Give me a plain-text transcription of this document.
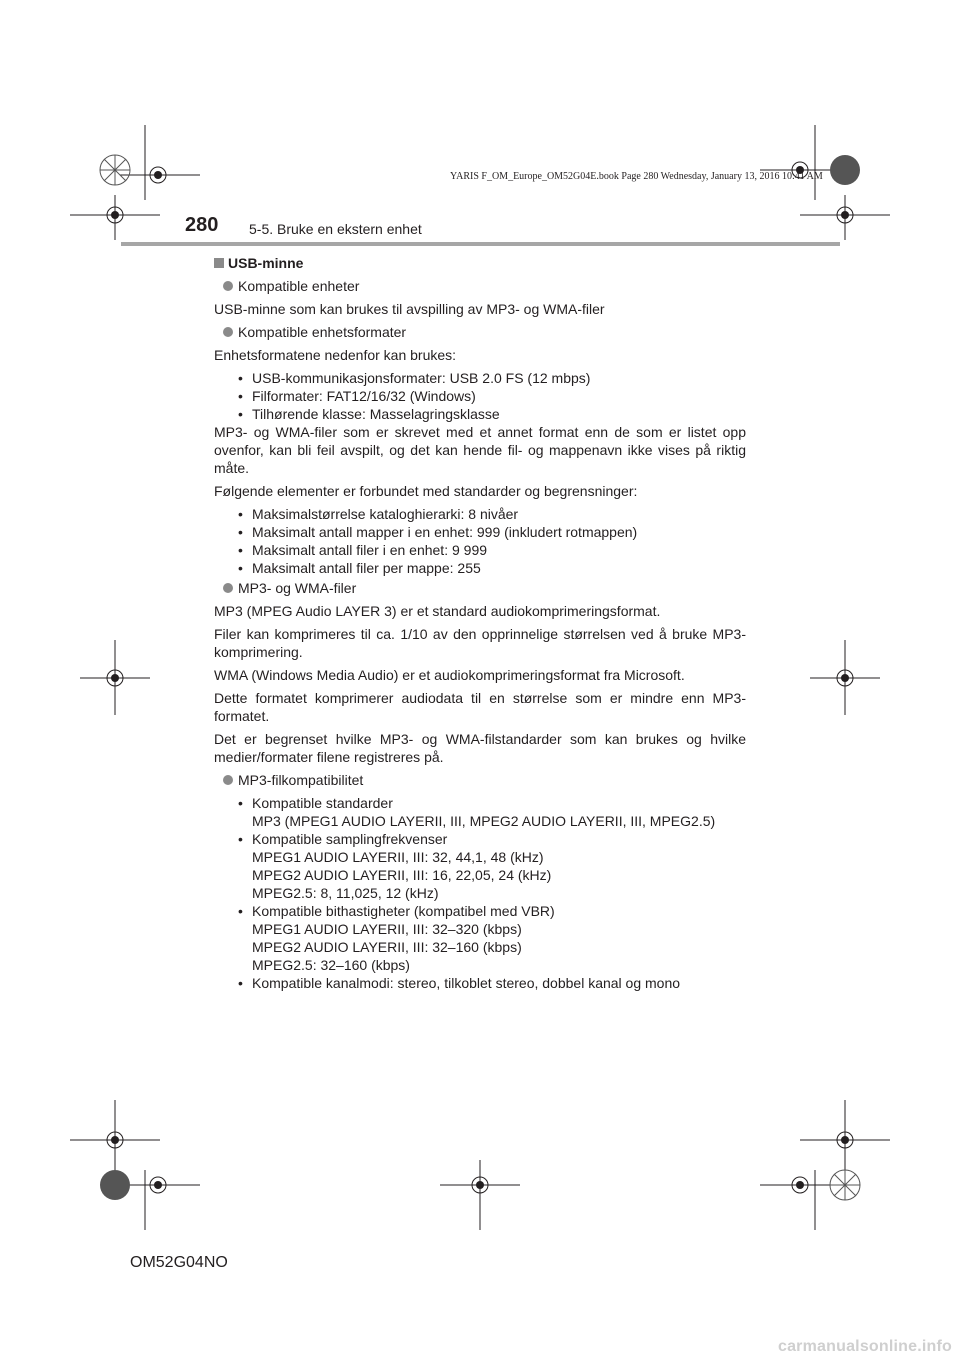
YARIS F_OM_Europe_OM52G04E.book Page 280 Wednesday, January 13, 2016 10:41 AM
280 5-5. Bruke en ekstern enhet
USB-minne
Kompatible enheter

USB-minne som kan brukes til avspilling av MP3- og WMA-filer

Kompatible enhetsformater

Enhetsformatene nedenfor kan brukes:

• USB-kommunikasjonsformater: USB 2.0 FS (12 mbps)
• Filformater: FAT12/16/32 (Windows)
• Tilhørende klasse: Masselagringsklasse

MP3- og WMA-filer som er skrevet med et annet format enn de som er listet opp ovenfor, kan bli feil avspilt, og det kan hende fil- og mappenavn ikke vises på riktig måte.

Følgende elementer er forbundet med standarder og begrensninger:

• Maksimalstørrelse kataloghierarki: 8 nivåer
• Maksimalt antall mapper i en enhet: 999 (inkludert rotmappen)
• Maksimalt antall filer i en enhet: 9 999
• Maksimalt antall filer per mappe: 255
MP3- og WMA-filer

MP3 (MPEG Audio LAYER 3) er et standard audiokomprimeringsformat.

Filer kan komprimeres til ca. 1/10 av den opprinnelige størrelsen ved å bruke MP3-komprimering.

WMA (Windows Media Audio) er et audiokomprimeringsformat fra Microsoft.

Dette formatet komprimerer audiodata til en størrelse som er mindre enn MP3-formatet.

Det er begrenset hvilke MP3- og WMA-filstandarder som kan brukes og hvilke medier/formater filene registreres på.

MP3-filkompatibilitet
• Kompatible standarder
MP3 (MPEG1 AUDIO LAYERII, III, MPEG2 AUDIO LAYERII, III, MPEG2.5)
• Kompatible samplingfrekvenser
MPEG1 AUDIO LAYERII, III: 32, 44,1, 48 (kHz)
MPEG2 AUDIO LAYERII, III: 16, 22,05, 24 (kHz)
MPEG2.5: 8, 11,025, 12 (kHz)
• Kompatible bithastigheter (kompatibel med VBR)
MPEG1 AUDIO LAYERII, III: 32–320 (kbps)
MPEG2 AUDIO LAYERII, III: 32–160 (kbps)
MPEG2.5: 32–160 (kbps)
• Kompatible kanalmodi: stereo, tilkoblet stereo, dobbel kanal og mono
OM52G04NO
carmanualsonline.info
